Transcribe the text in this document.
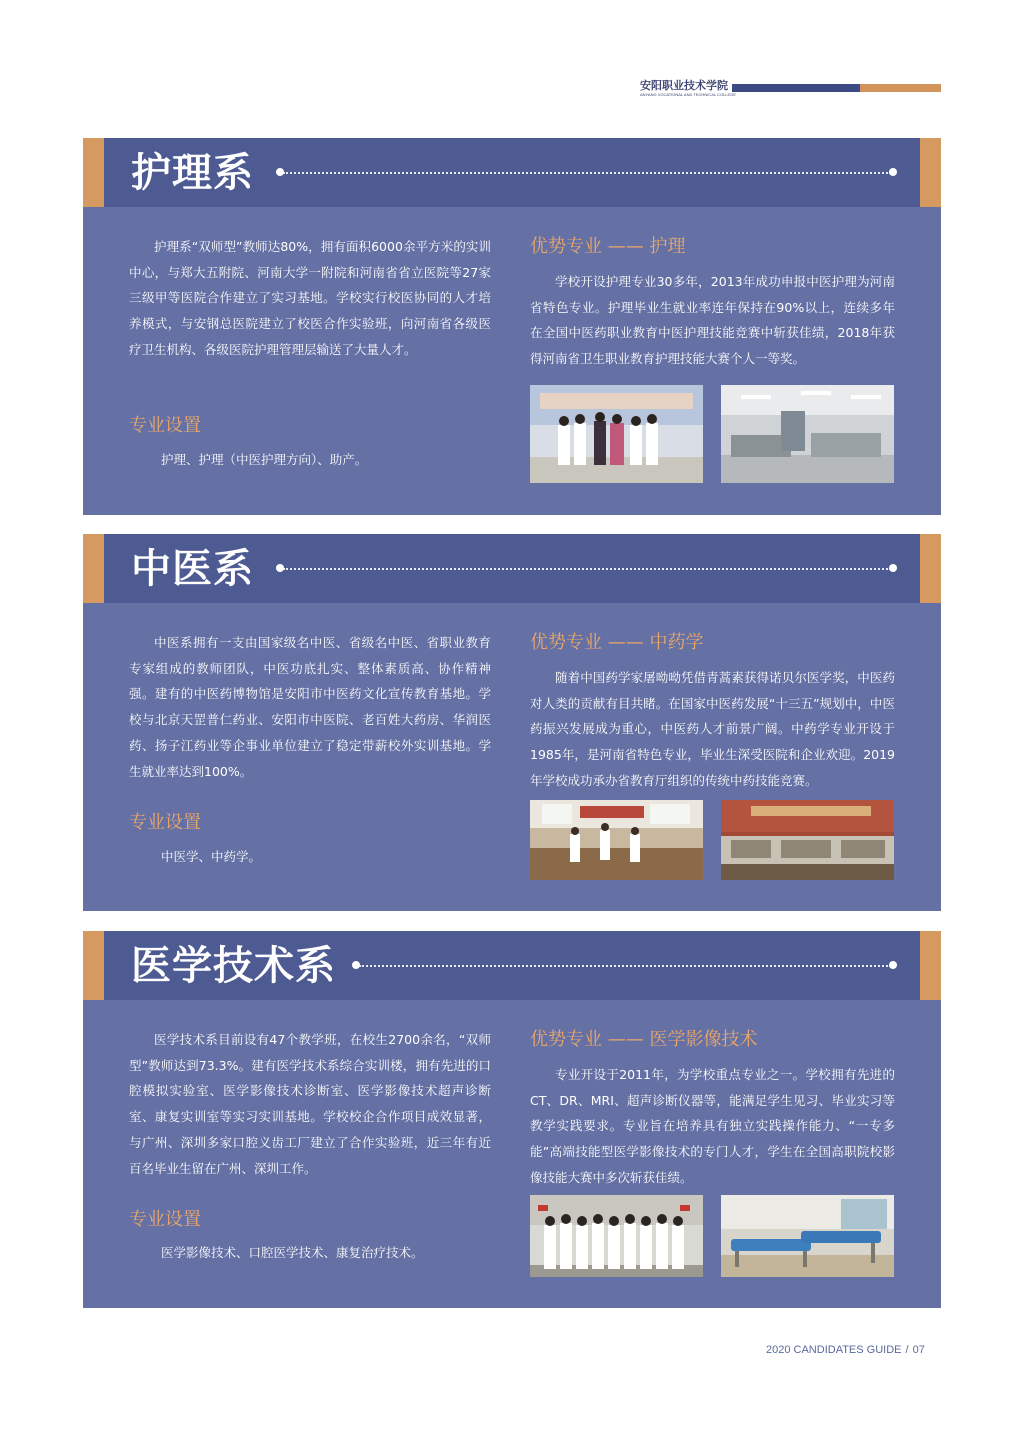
安阳职业技术学院
ANYANG VOCATIONAL AND TECHNICAL COLLEGE
护理系

护理系“双师型”教师达80%，拥有面积6000余平方米的实训中心，与郑大五附院、河南大学一附院和河南省省立医院等27家三级甲等医院合作建立了实习基地。学校实行校医协同的人才培养模式，与安钢总医院建立了校医合作实验班，向河南省各级医疗卫生机构、各级医院护理管理层输送了大量人才。

专业设置
护理、护理（中医护理方向）、助产。
优势专业 —— 护理

学校开设护理专业30多年，2013年成功申报中医护理为河南省特色专业。护理毕业生就业率连年保持在90%以上，连续多年在全国中医药职业教育中医护理技能竞赛中斩获佳绩，2018年获得河南省卫生职业教育护理技能大赛个人一等奖。

中医系

中医系拥有一支由国家级名中医、省级名中医、省职业教育专家组成的教师团队，中医功底扎实、整体素质高、协作精神强。建有的中医药博物馆是安阳市中医药文化宣传教育基地。学校与北京天罡普仁药业、安阳市中医院、老百姓大药房、华润医药、扬子江药业等企事业单位建立了稳定带薪校外实训基地。学生就业率达到100%。

专业设置
中医学、中药学。
优势专业 —— 中药学

随着中国药学家屠呦呦凭借青蒿素获得诺贝尔医学奖，中医药对人类的贡献有目共睹。在国家中医药发展“十三五”规划中，中医药振兴发展成为重心，中医药人才前景广阔。中药学专业开设于1985年，是河南省特色专业，毕业生深受医院和企业欢迎。2019年学校成功承办省教育厅组织的传统中药技能竞赛。

医学技术系

医学技术系目前设有47个教学班，在校生2700余名，“双师型”教师达到73.3%。建有医学技术系综合实训楼，拥有先进的口腔模拟实验室、医学影像技术诊断室、医学影像技术超声诊断室、康复实训室等实习实训基地。学校校企合作项目成效显著，与广州、深圳多家口腔义齿工厂建立了合作实验班，近三年有近百名毕业生留在广州、深圳工作。

专业设置
医学影像技术、口腔医学技术、康复治疗技术。
优势专业 —— 医学影像技术

专业开设于2011年，为学校重点专业之一。学校拥有先进的CT、DR、MRI、超声诊断仪器等，能满足学生见习、毕业实习等教学实践要求。专业旨在培养具有独立实践操作能力、“一专多能”高端技能型医学影像技术的专门人才，学生在全国高职院校影像技能大赛中多次斩获佳绩。

2020 CANDIDATES GUIDE / 07
